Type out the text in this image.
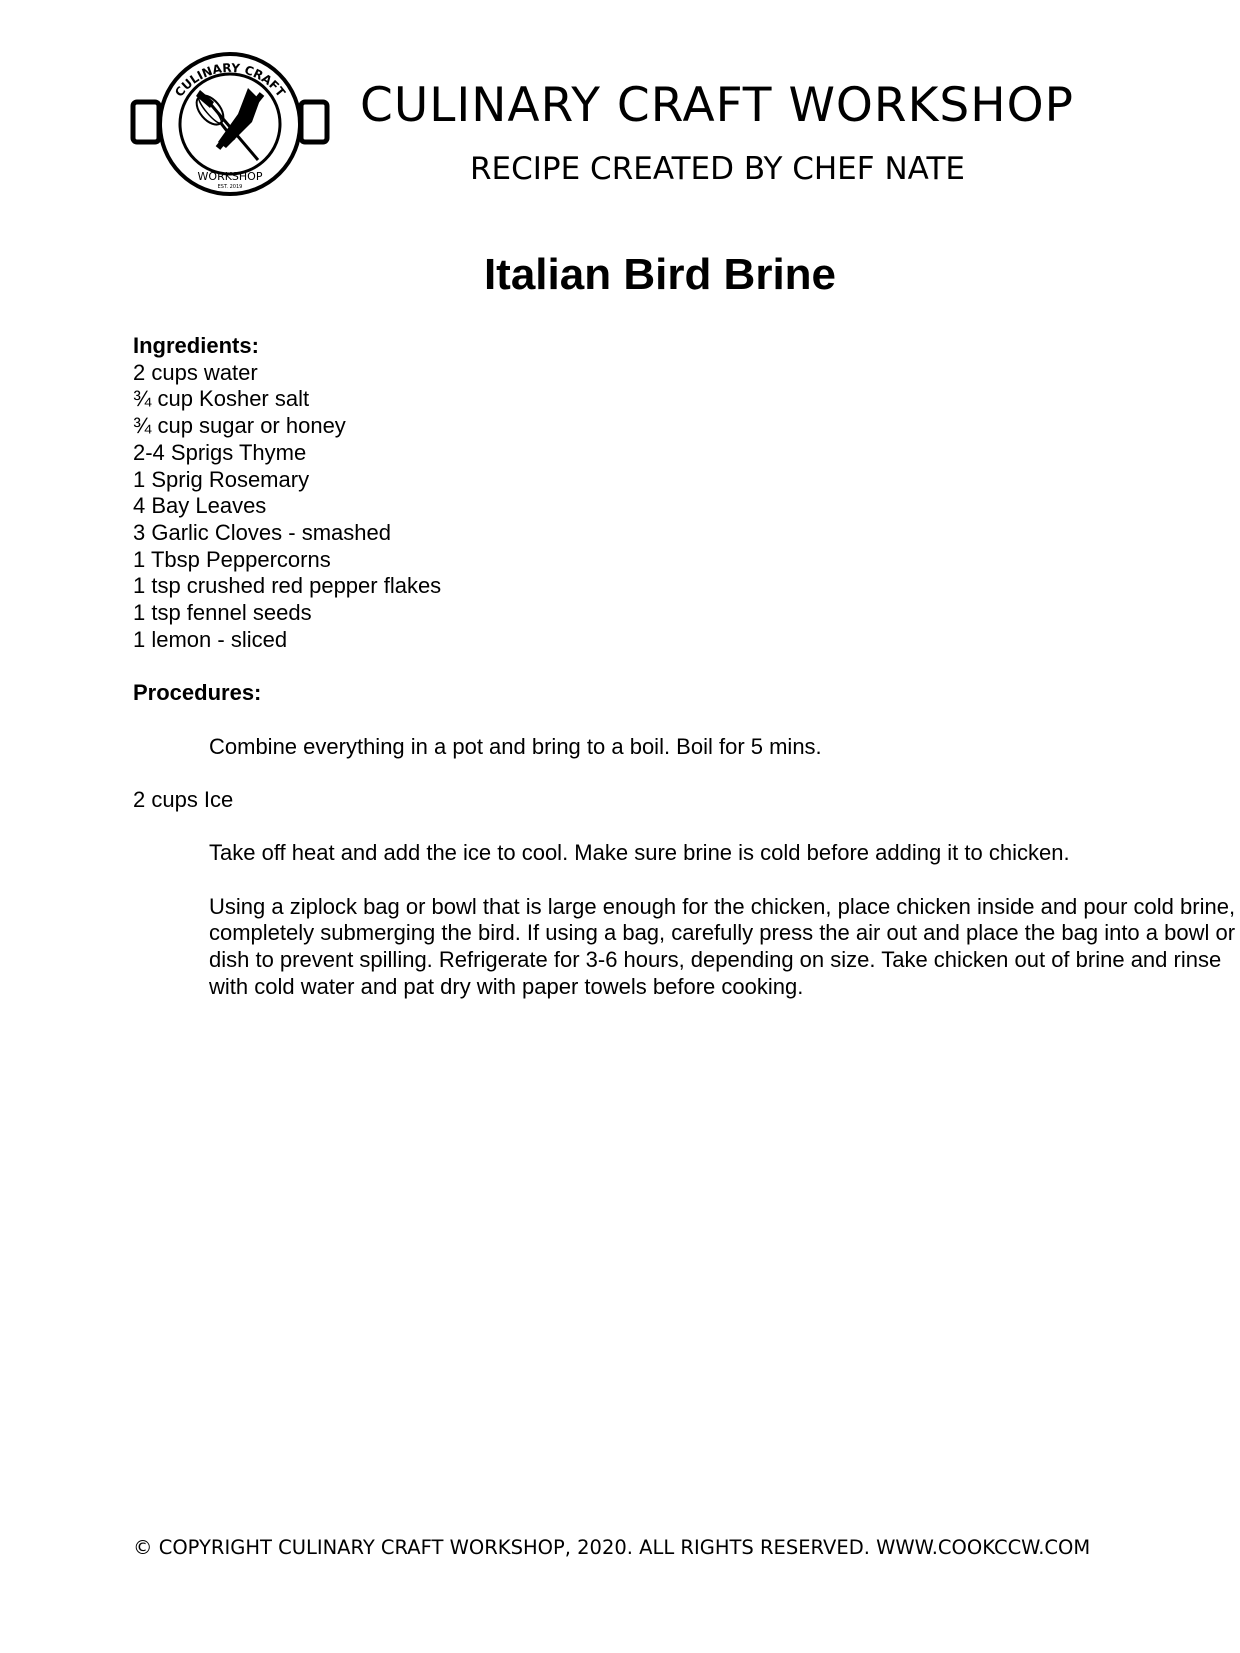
CULINARY CRAFT
WORKSHOP
EST. 2019
CULINARY CRAFT WORKSHOP
RECIPE CREATED BY CHEF NATE
Italian Bird Brine
Ingredients:
2 cups water
¾ cup Kosher salt
¾ cup sugar or honey
2-4 Sprigs Thyme
1 Sprig Rosemary
4 Bay Leaves
3 Garlic Cloves - smashed
1 Tbsp Peppercorns
1 tsp crushed red pepper flakes
1 tsp fennel seeds
1 lemon - sliced
Procedures:

Combine everything in a pot and bring to a boil. Boil for 5 mins.

2 cups Ice

Take off heat and add the ice to cool. Make sure brine is cold before adding it to chicken.

Using a ziplock bag or bowl that is large enough for the chicken, place chicken inside and pour cold brine, completely submerging the bird. If using a bag, carefully press the air out and place the bag into a bowl or dish to prevent spilling. Refrigerate for 3-6 hours, depending on size. Take chicken out of brine and rinse with cold water and pat dry with paper towels before cooking.

© COPYRIGHT CULINARY CRAFT WORKSHOP, 2020. ALL RIGHTS RESERVED. WWW.COOKCCW.COM
